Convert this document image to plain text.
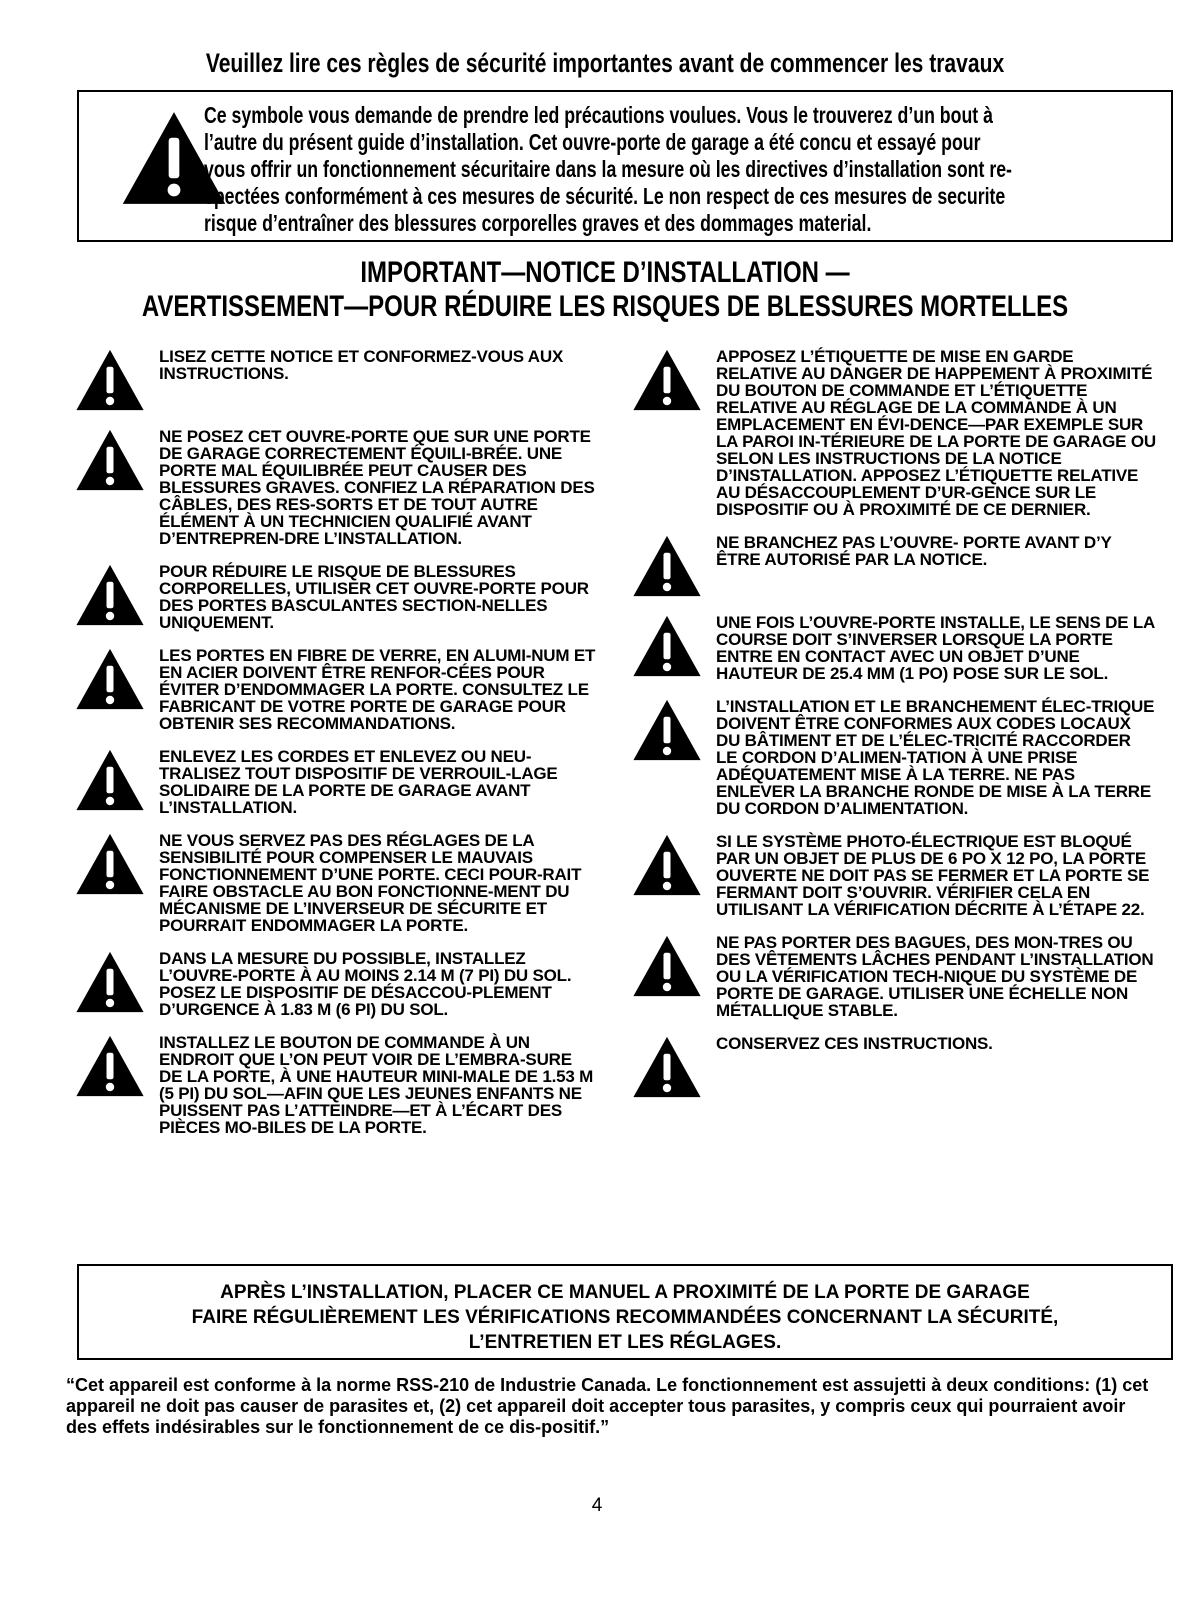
Veuillez lire ces règles de sécurité importantes avant de commencer les travaux
Ce symbole vous demande de prendre led précautions voulues. Vous le trouverez d’un bout à
l’autre du présent guide d’installation. Cet ouvre-porte de garage a été concu et essayé pour
vous offrir un fonctionnement sécuritaire dans la mesure où les directives d’installation sont re-
spectées conformément à ces mesures de sécurité. Le non respect de ces mesures de securite
risque d’entraîner des blessures corporelles graves et des dommages material.
IMPORTANT—NOTICE D’INSTALLATION —
AVERTISSEMENT—POUR RÉDUIRE LES RISQUES DE BLESSURES MORTELLES
LISEZ CETTE NOTICE ET CONFORMEZ-VOUS AUX INSTRUCTIONS.
NE POSEZ CET OUVRE-PORTE QUE SUR UNE PORTE DE GARAGE CORRECTEMENT ÉQUILI-BRÉE. UNE PORTE MAL ÉQUILIBRÉE PEUT CAUSER DES BLESSURES GRAVES. CONFIEZ LA RÉPARATION DES CÂBLES, DES RES-SORTS ET DE TOUT AUTRE ÉLÉMENT À UN TECHNICIEN QUALIFIÉ AVANT D’ENTREPREN-DRE L’INSTALLATION.
POUR RÉDUIRE LE RISQUE DE BLESSURES CORPORELLES, UTILISER CET OUVRE-PORTE POUR DES PORTES BASCULANTES SECTION-NELLES UNIQUEMENT.
LES PORTES EN FIBRE DE VERRE, EN ALUMI-NUM ET EN ACIER DOIVENT ÊTRE RENFOR-CÉES POUR ÉVITER D’ENDOMMAGER LA PORTE. CONSULTEZ LE FABRICANT DE VOTRE PORTE DE GARAGE POUR OBTENIR SES RECOMMANDATIONS.
ENLEVEZ LES CORDES ET ENLEVEZ OU NEU-TRALISEZ TOUT DISPOSITIF DE VERROUIL-LAGE SOLIDAIRE DE LA PORTE DE GARAGE AVANT L’INSTALLATION.
NE VOUS SERVEZ PAS DES RÉGLAGES DE LA SENSIBILITÉ POUR COMPENSER LE MAUVAIS FONCTIONNEMENT D’UNE PORTE. CECI POUR-RAIT FAIRE OBSTACLE AU BON FONCTIONNE-MENT DU MÉCANISME DE L’INVERSEUR DE SÉCURITE ET POURRAIT ENDOMMAGER LA PORTE.
DANS LA MESURE DU POSSIBLE, INSTALLEZ L’OUVRE-PORTE À AU MOINS 2.14 M (7 PI) DU SOL. POSEZ LE DISPOSITIF DE DÉSACCOU-PLEMENT D’URGENCE À 1.83 M (6 PI) DU SOL.
INSTALLEZ LE BOUTON DE COMMANDE À UN ENDROIT QUE L’ON PEUT VOIR DE L’EMBRA-SURE DE LA PORTE, À UNE HAUTEUR MINI-MALE DE 1.53 M (5 PI) DU SOL—AFIN QUE LES JEUNES ENFANTS NE PUISSENT PAS L’ATTEINDRE—ET À L’ÉCART DES PIÈCES MO-BILES DE LA PORTE.
APPOSEZ L’ÉTIQUETTE DE MISE EN GARDE RELATIVE AU DANGER DE HAPPEMENT À PROXIMITÉ DU BOUTON DE COMMANDE ET L’ÉTIQUETTE RELATIVE AU RÉGLAGE DE LA COMMANDE À UN EMPLACEMENT EN ÉVI-DENCE—PAR EXEMPLE SUR LA PAROI IN-TÉRIEURE DE LA PORTE DE GARAGE OU SELON LES INSTRUCTIONS DE LA NOTICE D’INSTALLATION. APPOSEZ L’ÉTIQUETTE RELATIVE AU DÉSACCOUPLEMENT D’UR-GENCE SUR LE DISPOSITIF OU À PROXIMITÉ DE CE DERNIER.
NE BRANCHEZ PAS L’OUVRE- PORTE AVANT D’Y ÊTRE AUTORISÉ PAR LA NOTICE.
UNE FOIS L’OUVRE-PORTE INSTALLE, LE SENS DE LA COURSE DOIT S’INVERSER LORSQUE LA PORTE ENTRE EN CONTACT AVEC UN OBJET D’UNE HAUTEUR DE 25.4 MM (1 PO) POSE SUR LE SOL.
L’INSTALLATION ET LE BRANCHEMENT ÉLEC-TRIQUE DOIVENT ÊTRE CONFORMES AUX CODES LOCAUX DU BÂTIMENT ET DE L’ÉLEC-TRICITÉ RACCORDER LE CORDON D’ALIMEN-TATION À UNE PRISE ADÉQUATEMENT MISE À LA TERRE. NE PAS ENLEVER LA BRANCHE RONDE DE MISE À LA TERRE DU CORDON D’ALIMENTATION.
SI LE SYSTÈME PHOTO-ÉLECTRIQUE EST BLOQUÉ PAR UN OBJET DE PLUS DE 6 PO X 12 PO, LA PORTE OUVERTE NE DOIT PAS SE FERMER ET LA PORTE SE FERMANT DOIT S’OUVRIR. VÉRIFIER CELA EN UTILISANT LA VÉRIFICATION DÉCRITE À L’ÉTAPE 22.
NE PAS PORTER DES BAGUES, DES MON-TRES OU DES VÊTEMENTS LÂCHES PENDANT L’INSTALLATION OU LA VÉRIFICATION TECH-NIQUE DU SYSTÈME DE PORTE DE GARAGE. UTILISER UNE ÉCHELLE NON MÉTALLIQUE STABLE.
CONSERVEZ CES INSTRUCTIONS.
APRÈS L’INSTALLATION, PLACER CE MANUEL A PROXIMITÉ DE LA PORTE DE GARAGE
FAIRE RÉGULIÈREMENT LES VÉRIFICATIONS RECOMMANDÉES CONCERNANT LA SÉCURITÉ,
L’ENTRETIEN ET LES RÉGLAGES.
“Cet appareil est conforme à la norme RSS-210 de Industrie Canada. Le fonctionnement est assujetti à deux conditions: (1) cet appareil ne doit pas causer de parasites et, (2) cet appareil doit accepter tous parasites, y compris ceux qui pourraient avoir des effets indésirables sur le fonctionnement de ce dis-positif.”
4
